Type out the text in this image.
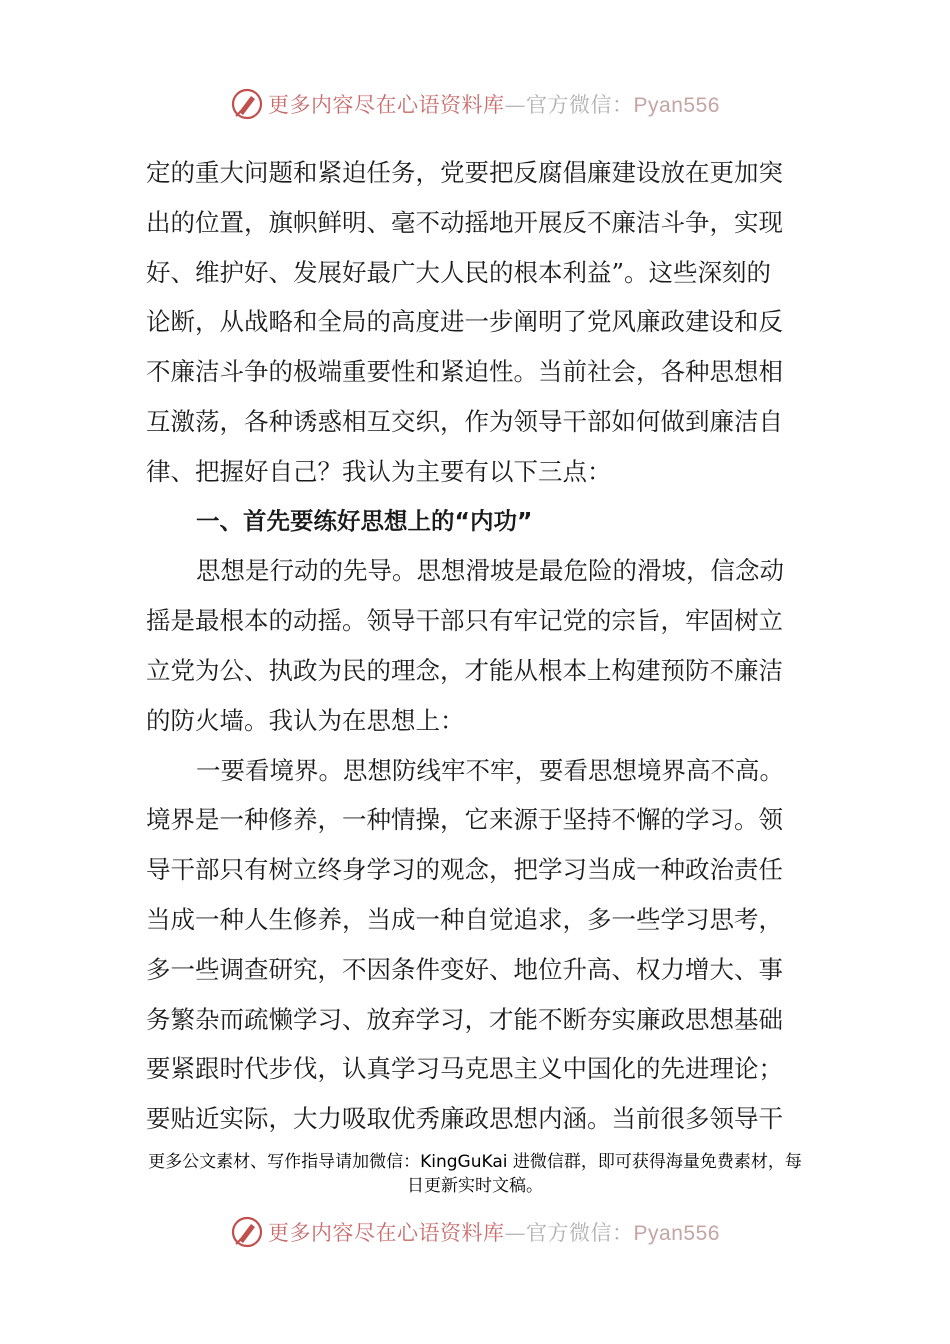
更多内容尽在心语资料库—官方微信：Pyan556
定的重大问题和紧迫任务，党要把反腐倡廉建设放在更加突
出的位置，旗帜鲜明、毫不动摇地开展反不廉洁斗争，实现
好、维护好、发展好最广大人民的根本利益”。这些深刻的
论断，从战略和全局的高度进一步阐明了党风廉政建设和反
不廉洁斗争的极端重要性和紧迫性。当前社会，各种思想相
互激荡，各种诱惑相互交织，作为领导干部如何做到廉洁自
律、把握好自己？我认为主要有以下三点：
一、首先要练好思想上的“内功”
思想是行动的先导。思想滑坡是最危险的滑坡，信念动
摇是最根本的动摇。领导干部只有牢记党的宗旨，牢固树立
立党为公、执政为民的理念，才能从根本上构建预防不廉洁
的防火墙。我认为在思想上：
一要看境界。思想防线牢不牢，要看思想境界高不高。
境界是一种修养，一种情操，它来源于坚持不懈的学习。领
导干部只有树立终身学习的观念，把学习当成一种政治责任
当成一种人生修养，当成一种自觉追求，多一些学习思考，
多一些调查研究，不因条件变好、地位升高、权力增大、事
务繁杂而疏懒学习、放弃学习，才能不断夯实廉政思想基础
要紧跟时代步伐，认真学习马克思主义中国化的先进理论；
要贴近实际，大力吸取优秀廉政思想内涵。当前很多领导干
更多公文素材、写作指导请加微信：KingGuKai 进微信群，即可获得海量免费素材，每
日更新实时文稿。
更多内容尽在心语资料库—官方微信：Pyan556
